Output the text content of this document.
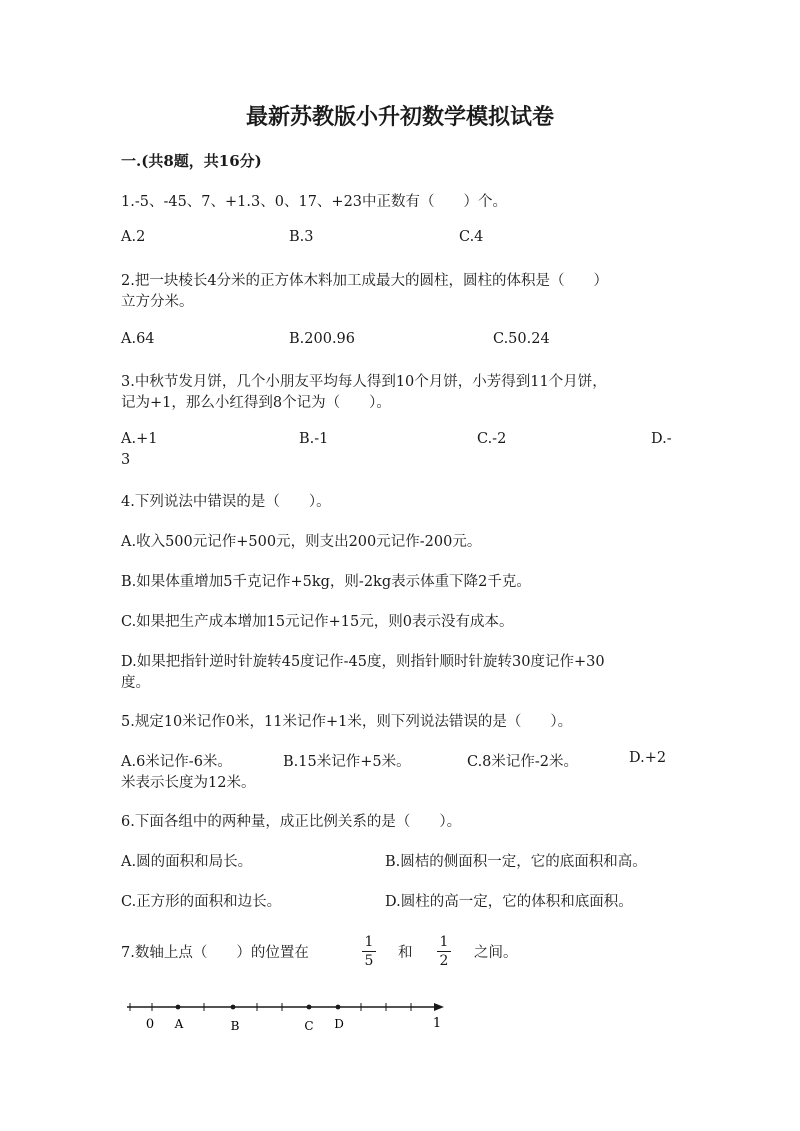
最新苏教版小升初数学模拟试卷
一.(共8题，共16分)
1.-5、-45、7、+1.3、0、17、+23中正数有（　　）个。
A.2	B.3	C.4
2.把一块棱长4分米的正方体木料加工成最大的圆柱，圆柱的体积是（　　）
立方分米。
A.64	B.200.96	C.50.24
3.中秋节发月饼，几个小朋友平均每人得到10个月饼，小芳得到11个月饼，
记为+1，那么小红得到8个记为（　　）。
A.+1	B.-1	C.-2	D.-
3
4.下列说法中错误的是（　　）。
A.收入500元记作+500元，则支出200元记作-200元。
B.如果体重增加5千克记作+5kg，则-2kg表示体重下降2千克。
C.如果把生产成本增加15元记作+15元，则0表示没有成本。
D.如果把指针逆时针旋转45度记作-45度，则指针顺时针旋转30度记作+30
度。
5.规定10米记作0米，11米记作+1米，则下列说法错误的是（　　）。
A.6米记作-6米。	B.15米记作+5米。	C.8米记作-2米。	D.+2
米表示长度为12米。
6.下面各组中的两种量，成正比例关系的是（　　）。
A.圆的面积和局长。	B.圆桔的侧面积一定，它的底面积和高。
C.正方形的面积和边长。	D.圆柱的高一定，它的体积和底面积。
7.数轴上点（　　）的位置在
1
5 和
1
2 之间。
0 A	B	C D	1
